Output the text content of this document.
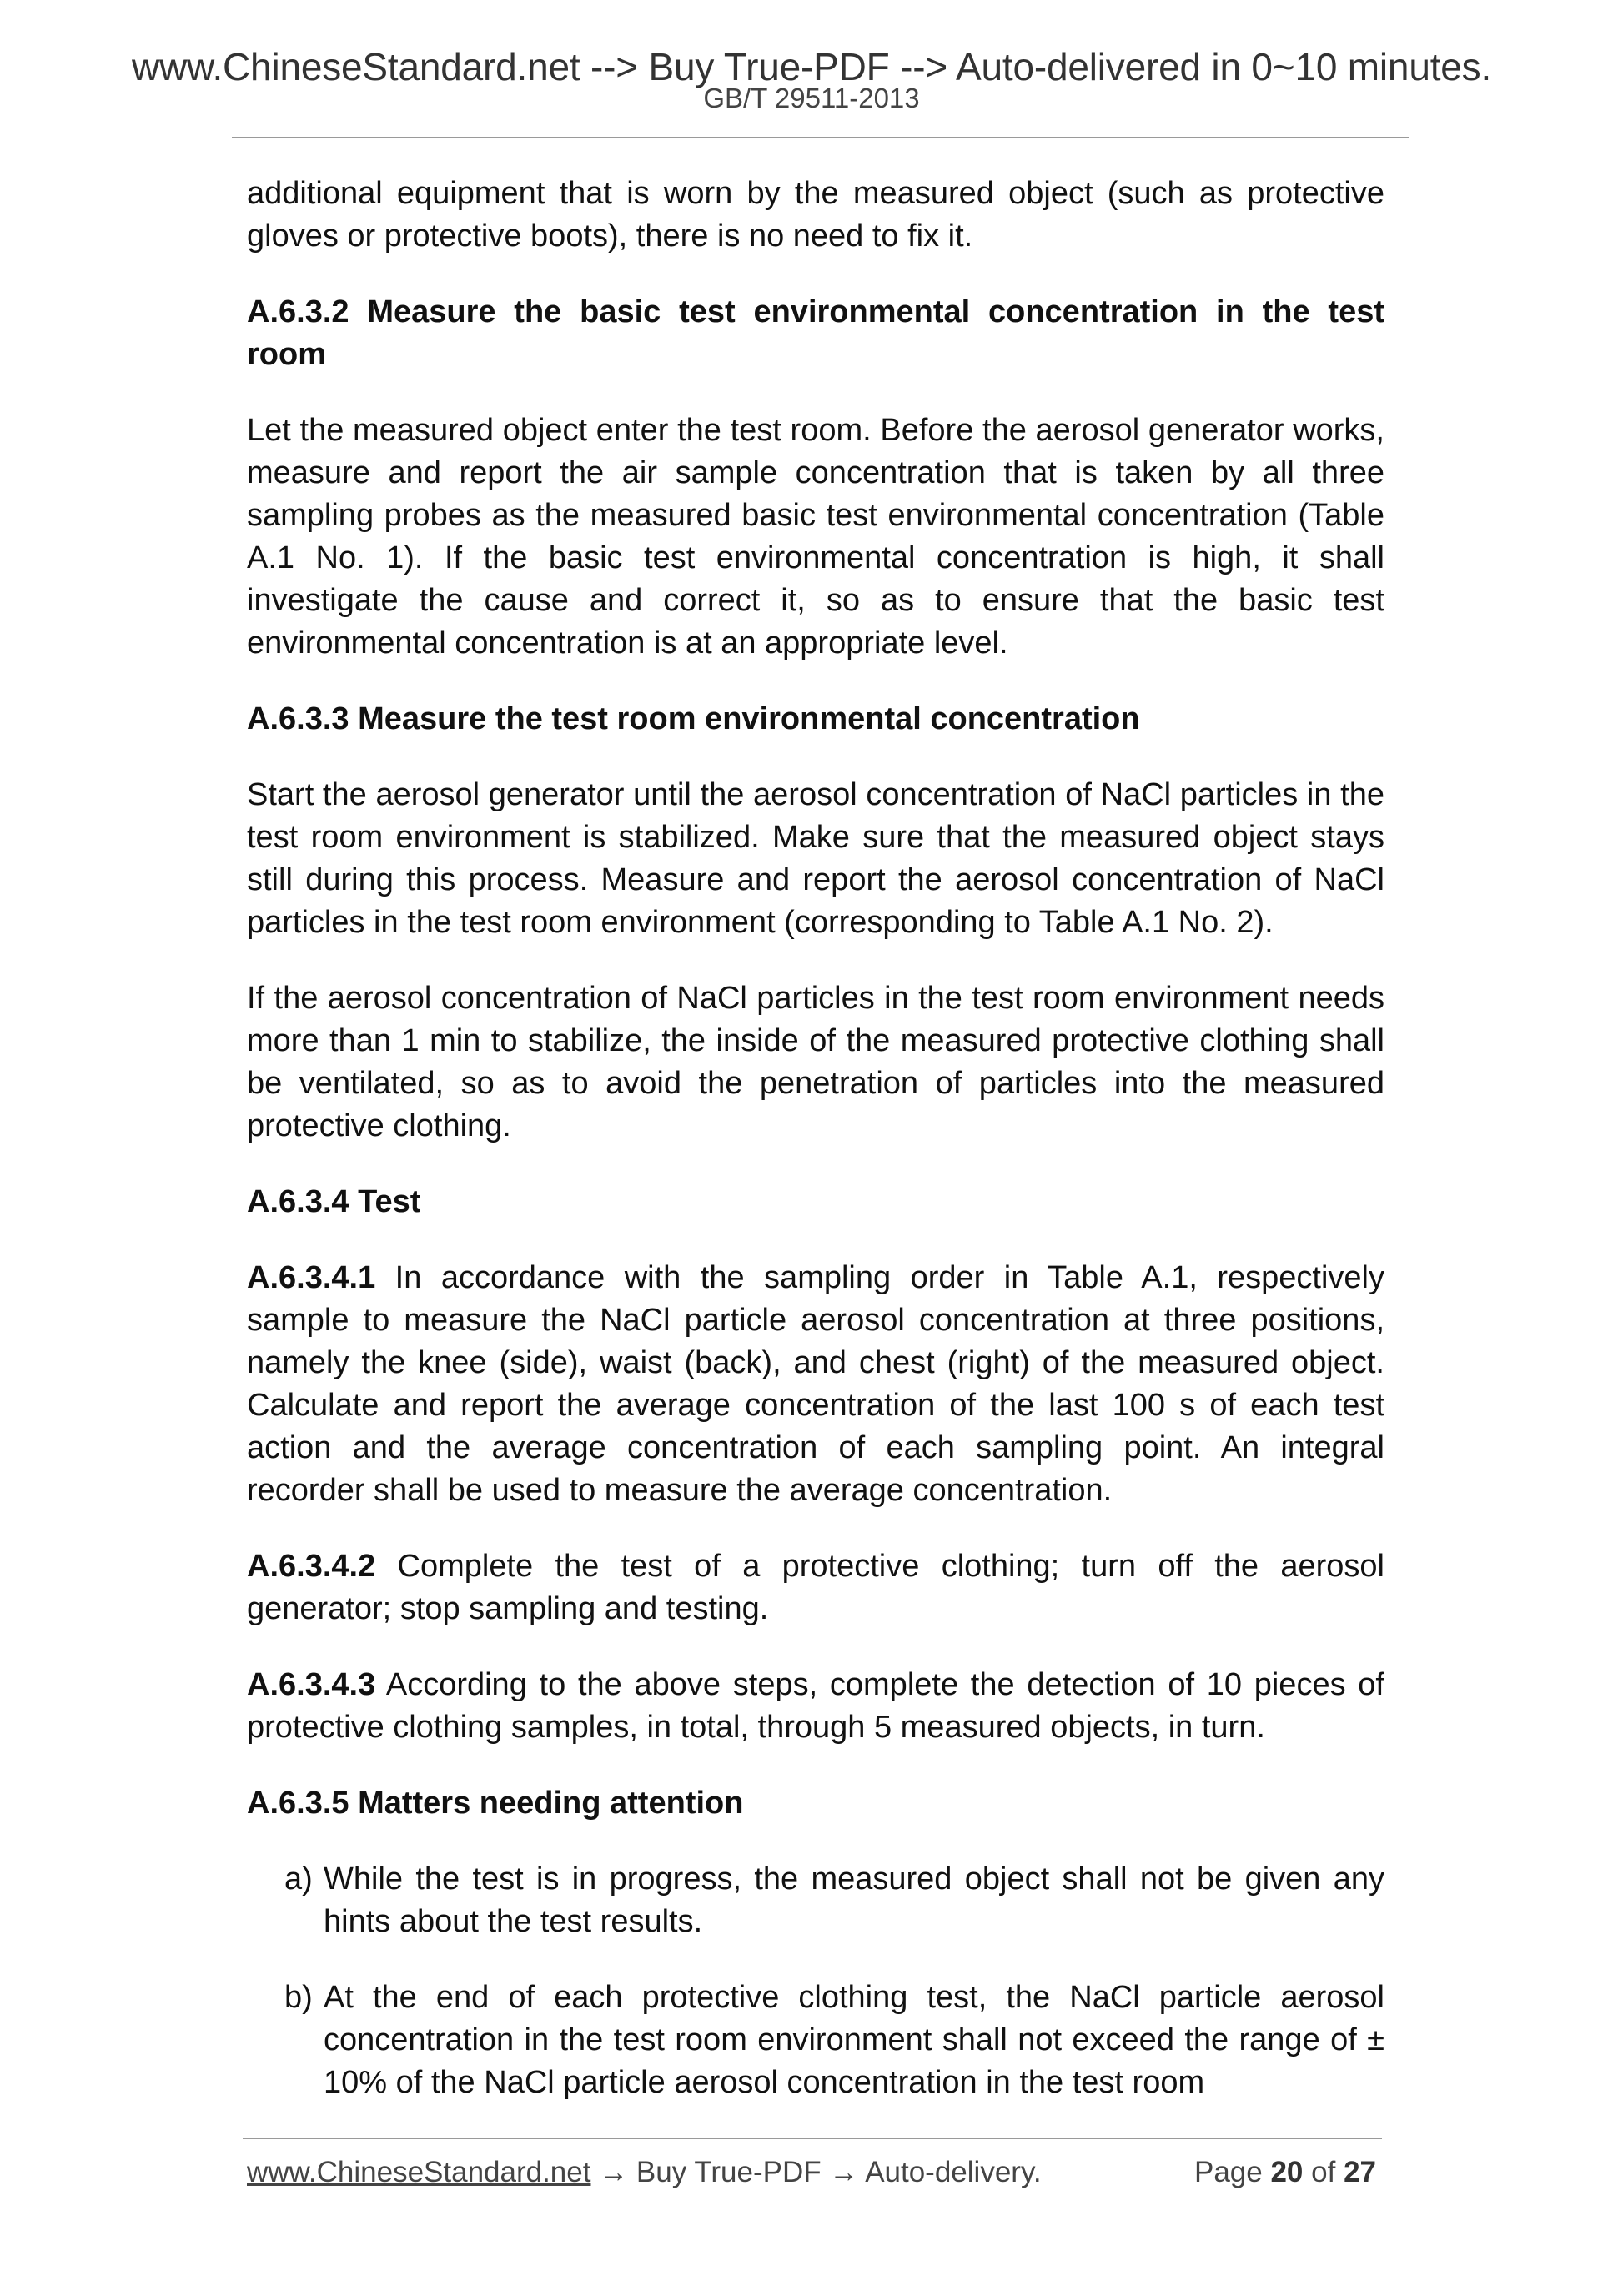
www.ChineseStandard.net --> Buy True-PDF --> Auto-delivered in 0~10 minutes.
GB/T 29511-2013

additional equipment that is worn by the measured object (such as protective gloves or protective boots), there is no need to fix it.

A.6.3.2 Measure the basic test environmental concentration in the test room

Let the measured object enter the test room. Before the aerosol generator works, measure and report the air sample concentration that is taken by all three sampling probes as the measured basic test environmental concentration (Table A.1 No. 1). If the basic test environmental concentration is high, it shall investigate the cause and correct it, so as to ensure that the basic test environmental concentration is at an appropriate level.

A.6.3.3 Measure the test room environmental concentration

Start the aerosol generator until the aerosol concentration of NaCl particles in the test room environment is stabilized. Make sure that the measured object stays still during this process. Measure and report the aerosol concentration of NaCl particles in the test room environment (corresponding to Table A.1 No. 2).

If the aerosol concentration of NaCl particles in the test room environment needs more than 1 min to stabilize, the inside of the measured protective clothing shall be ventilated, so as to avoid the penetration of particles into the measured protective clothing.

A.6.3.4 Test

A.6.3.4.1 In accordance with the sampling order in Table A.1, respectively sample to measure the NaCl particle aerosol concentration at three positions, namely the knee (side), waist (back), and chest (right) of the measured object. Calculate and report the average concentration of the last 100 s of each test action and the average concentration of each sampling point. An integral recorder shall be used to measure the average concentration.

A.6.3.4.2 Complete the test of a protective clothing; turn off the aerosol generator; stop sampling and testing.

A.6.3.4.3 According to the above steps, complete the detection of 10 pieces of protective clothing samples, in total, through 5 measured objects, in turn.

A.6.3.5 Matters needing attention

a) While the test is in progress, the measured object shall not be given any hints about the test results.
b) At the end of each protective clothing test, the NaCl particle aerosol concentration in the test room environment shall not exceed the range of ± 10% of the NaCl particle aerosol concentration in the test room
www.ChineseStandard.net → Buy True-PDF → Auto-delivery.	Page 20 of 27
